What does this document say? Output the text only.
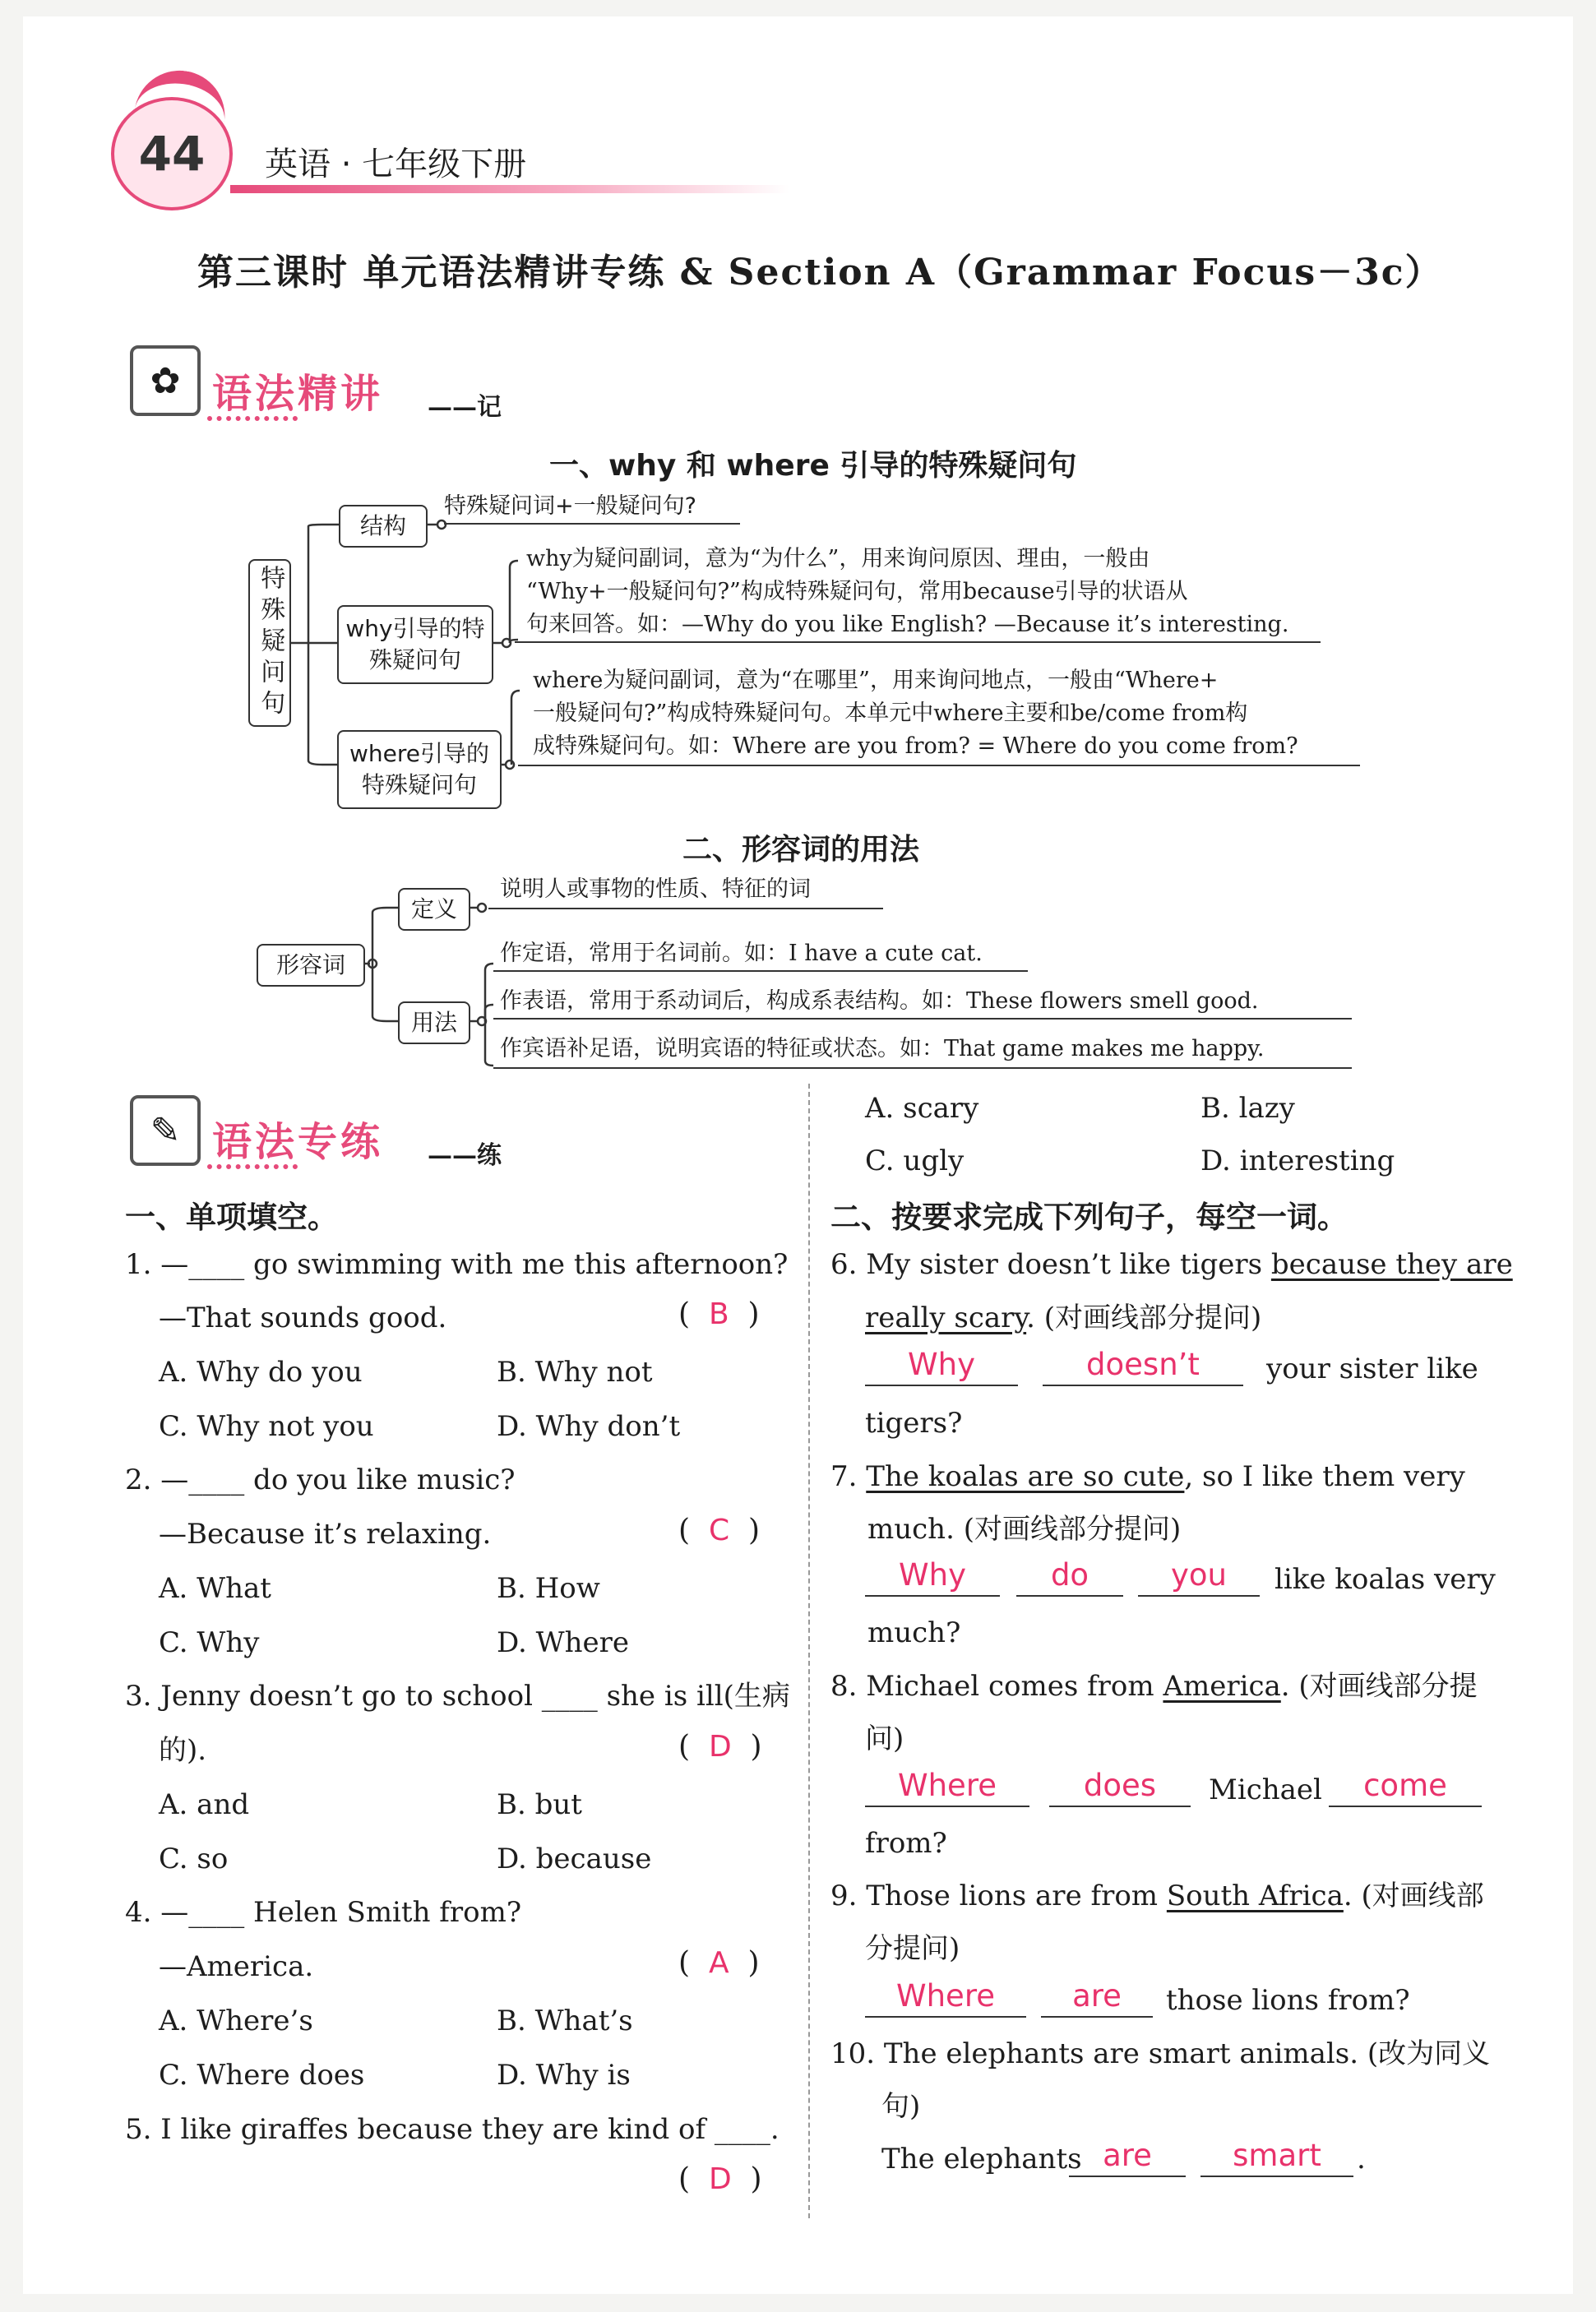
44 英语 · 七年级下册
第三课时 单元语法精讲专练 & Section A（Grammar Focus－3c）
✿ 语法精讲 ——记
一、why 和 where 引导的特殊疑问句
特殊疑问句
结构
特殊疑问词+一般疑问句?
why引导的特殊疑问句
why为疑问副词，意为“为什么”，用来询问原因、理由，一般由
“Why+一般疑问句?”构成特殊疑问句，常用because引导的状语从
句来回答。如：—Why do you like English? —Because it’s interesting.
where引导的特殊疑问句
where为疑问副词，意为“在哪里”，用来询问地点，一般由“Where+
一般疑问句?”构成特殊疑问句。本单元中where主要和be/come from构
成特殊疑问句。如：Where are you from? = Where do you come from?
二、形容词的用法
形容词
定义
说明人或事物的性质、特征的词
用法
作定语，常用于名词前。如：I have a cute cat.
作表语，常用于系动词后，构成系表结构。如：These flowers smell good.
作宾语补足语，说明宾语的特征或状态。如：That game makes me happy.
✎ 语法专练 ——练
一、单项填空。
1. —____ go swimming with me this afternoon?
—That sounds good.	(  B  )
A. Why do you	B. Why not
C. Why not you	D. Why don’t
2. —____ do you like music?
—Because it’s relaxing.	(  C  )
A. What	B. How
C. Why	D. Where
3. Jenny doesn’t go to school ____ she is ill(生病
的).	(  D  )
A. and	B. but
C. so	D. because
4. —____ Helen Smith from?
—America.	(  A  )
A. Where’s	B. What’s
C. Where does	D. Why is
5. I like giraffes because they are kind of ____.
(  D  )
A. scary	B. lazy
C. ugly	D. interesting
二、按要求完成下列句子，每空一词。
6. My sister doesn’t like tigers because they are
really scary. (对画线部分提问)
Why	doesn’t	your sister like
tigers?
7. The koalas are so cute, so I like them very
much. (对画线部分提问)
Why	do	you	like koalas very
much?
8. Michael comes from America. (对画线部分提
问)
Where	does	Michael	come
from?
9. Those lions are from South Africa. (对画线部
分提问)
Where	are	those lions from?
10. The elephants are smart animals. (改为同义
句)
The elephants are	smart	.
